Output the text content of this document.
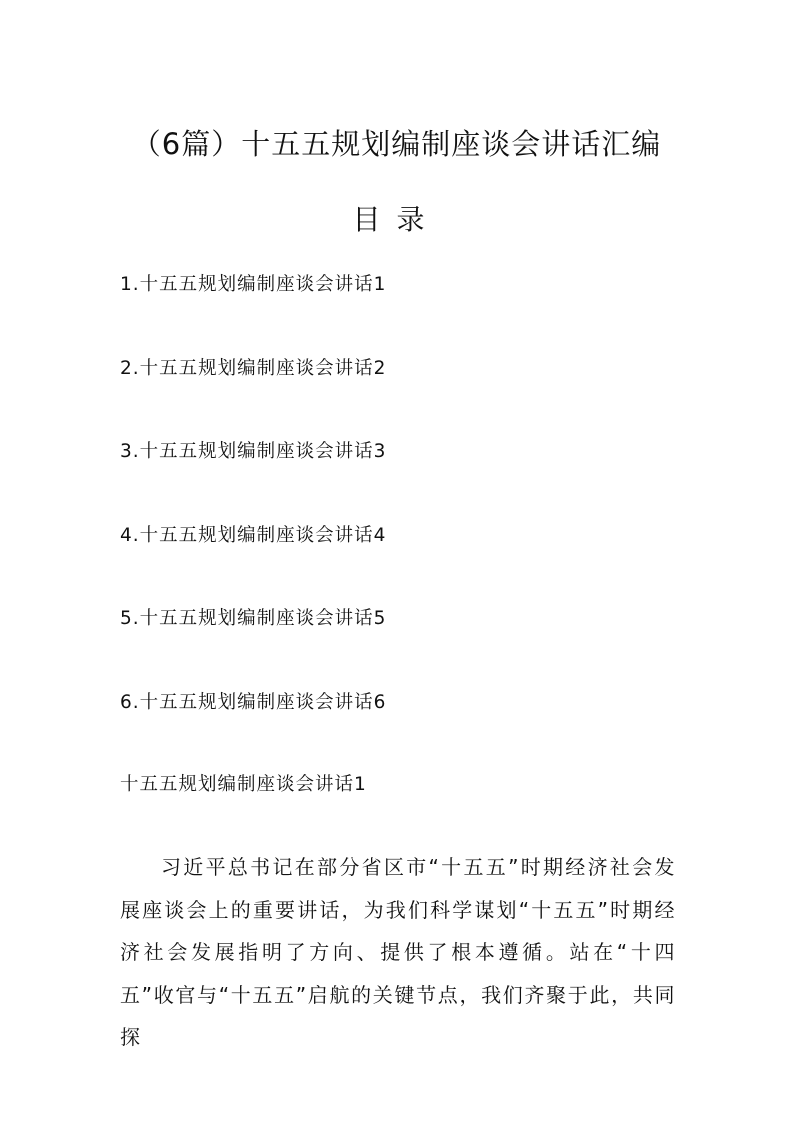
（6篇）十五五规划编制座谈会讲话汇编
目录
1.十五五规划编制座谈会讲话1
2.十五五规划编制座谈会讲话2
3.十五五规划编制座谈会讲话3
4.十五五规划编制座谈会讲话4
5.十五五规划编制座谈会讲话5
6.十五五规划编制座谈会讲话6
十五五规划编制座谈会讲话1

习近平总书记在部分省区市“十五五”时期经济社会发展座谈会上的重要讲话，为我们科学谋划“十五五”时期经济社会发展指明了方向、提供了根本遵循。站在“十四五”收官与“十五五”启航的关键节点，我们齐聚于此，共同探
